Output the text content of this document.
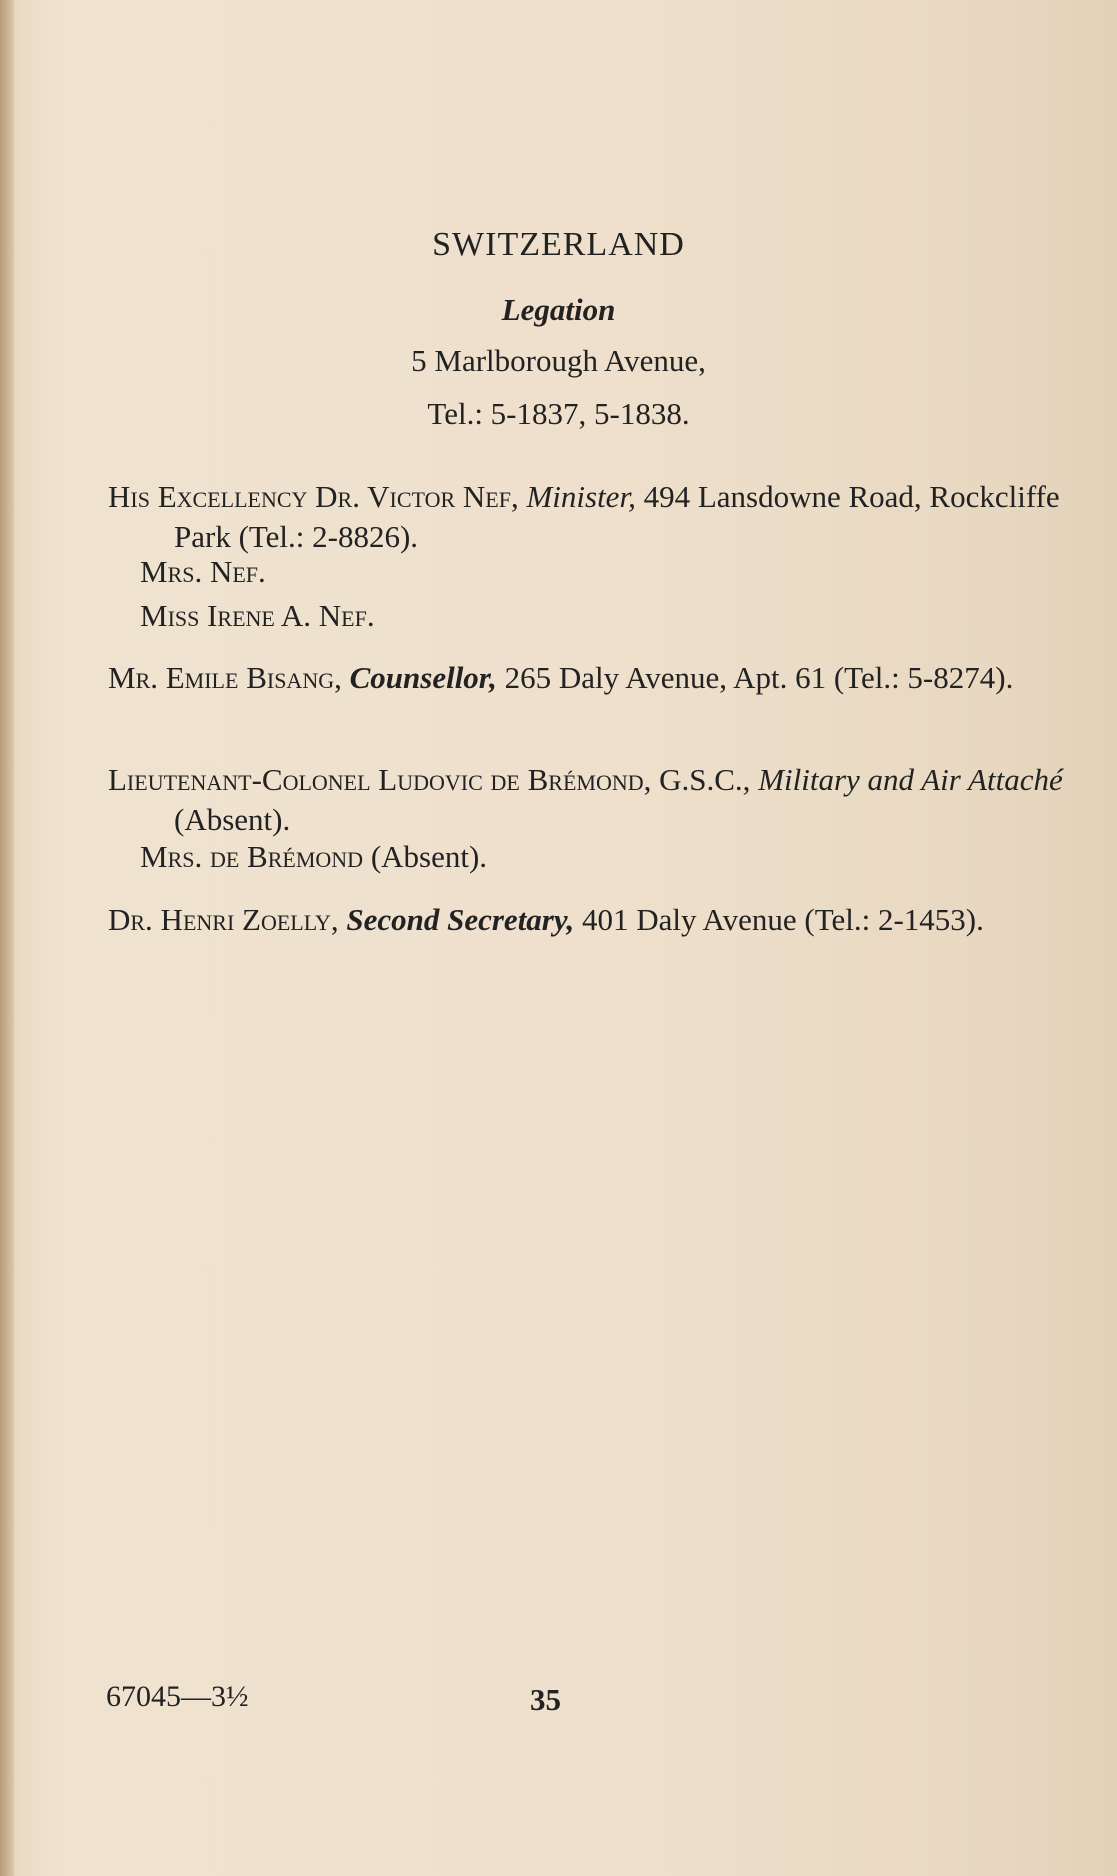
SWITZERLAND
Legation
5 Marlborough Avenue,
Tel.: 5-1837, 5-1838.
His Excellency Dr. Victor Nef, Minister, 494 Lansdowne Road, Rockcliffe Park (Tel.: 2-8826).
Mrs. Nef.
Miss Irene A. Nef.
Mr. Emile Bisang, Counsellor, 265 Daly Avenue, Apt. 61 (Tel.: 5-8274).
Lieutenant-Colonel Ludovic de Brémond, G.S.C., Military and Air Attaché (Absent).
Mrs. de Brémond (Absent).
Dr. Henri Zoelly, Second Secretary, 401 Daly Avenue (Tel.: 2-1453).
67045—3½	35
